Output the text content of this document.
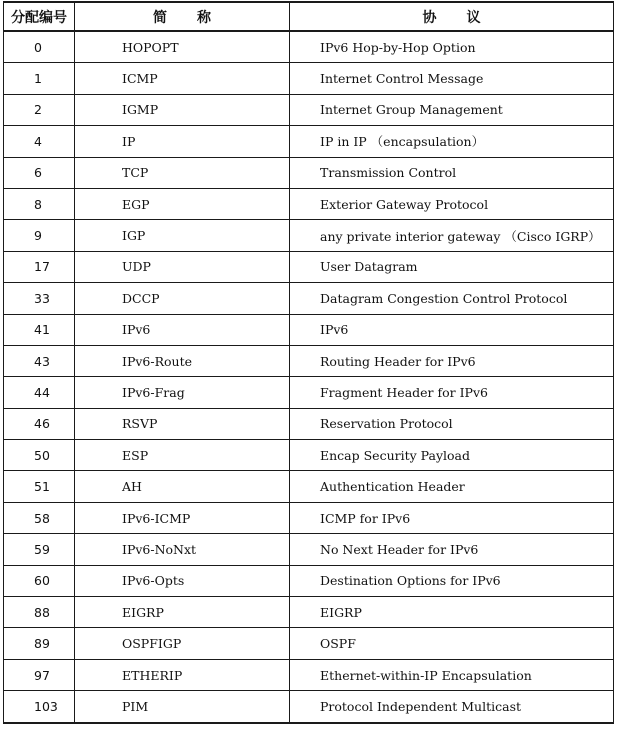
分配编号	简称	协议
0	HOPOPT	IPv6 Hop-by-Hop Option
1	ICMP	Internet Control Message
2	IGMP	Internet Group Management
4	IP	IP in IP （encapsulation）
6	TCP	Transmission Control
8	EGP	Exterior Gateway Protocol
9	IGP	any private interior gateway （Cisco IGRP）
17	UDP	User Datagram
33	DCCP	Datagram Congestion Control Protocol
41	IPv6	IPv6
43	IPv6-Route	Routing Header for IPv6
44	IPv6-Frag	Fragment Header for IPv6
46	RSVP	Reservation Protocol
50	ESP	Encap Security Payload
51	AH	Authentication Header
58	IPv6-ICMP	ICMP for IPv6
59	IPv6-NoNxt	No Next Header for IPv6
60	IPv6-Opts	Destination Options for IPv6
88	EIGRP	EIGRP
89	OSPFIGP	OSPF
97	ETHERIP	Ethernet-within-IP Encapsulation
103	PIM	Protocol Independent Multicast
